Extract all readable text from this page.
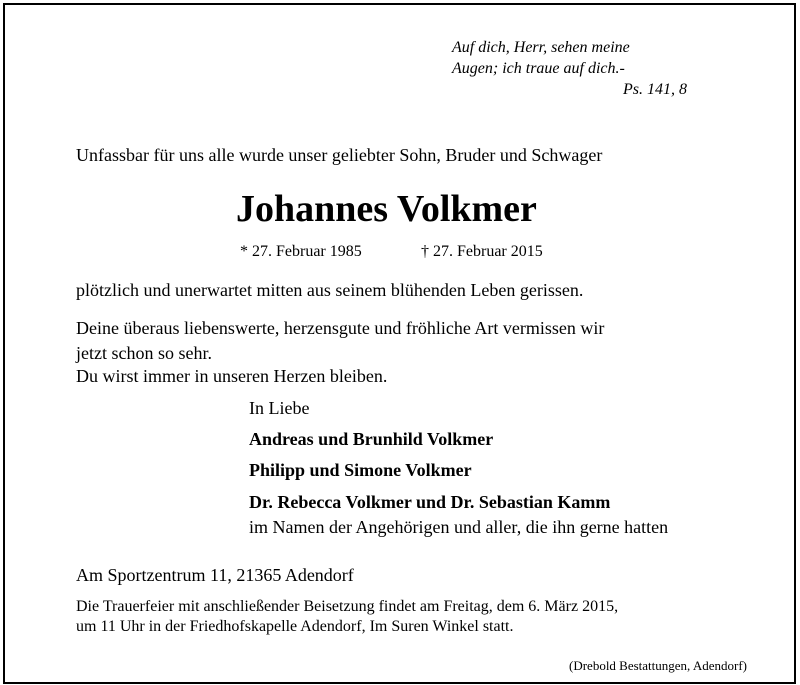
Auf dich, Herr, sehen meine
Augen; ich traue auf dich.-
Ps. 141, 8
Unfassbar für uns alle wurde unser geliebter Sohn, Bruder und Schwager
Johannes Volkmer
* 27. Februar 1985	† 27. Februar 2015
plötzlich und unerwartet mitten aus seinem blühenden Leben gerissen.
Deine überaus liebenswerte, herzensgute und fröhliche Art vermissen wir
jetzt schon so sehr.
Du wirst immer in unseren Herzen bleiben.
In Liebe
Andreas und Brunhild Volkmer
Philipp und Simone Volkmer
Dr. Rebecca Volkmer und Dr. Sebastian Kamm
im Namen der Angehörigen und aller, die ihn gerne hatten
Am Sportzentrum 11, 21365 Adendorf
Die Trauerfeier mit anschließender Beisetzung findet am Freitag, dem 6. März 2015,
um 11 Uhr in der Friedhofskapelle Adendorf, Im Suren Winkel statt.
(Drebold Bestattungen, Adendorf)
